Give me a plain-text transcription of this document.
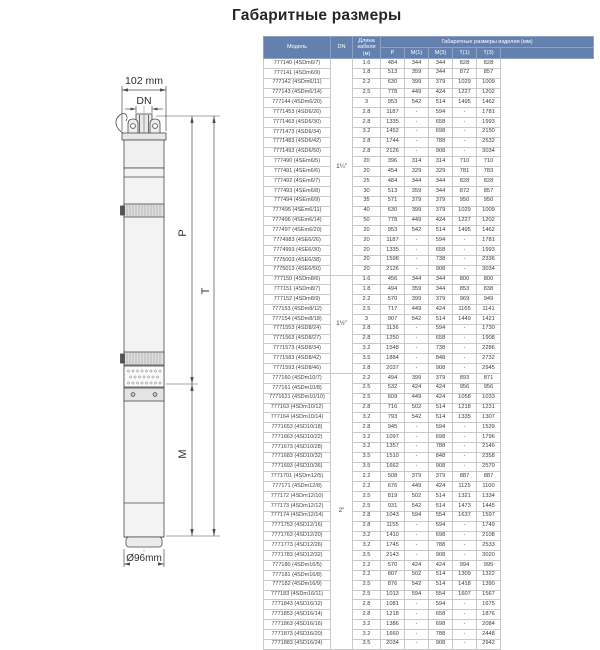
Габаритные размеры
102 mm
DN
P
T
M
Ø96mm
Модель	DN	Длина кабеля (м)	Габаритные размеры изделия (мм)					
			P	М(1)	М(3)	Т(1)	Т(3)	
777140 (4SDm6/7)	1¼"	1.6	484	344	344	828	828	
777141 (4SDm6/9)		1.8	513	359	344	872	857	
777142 (4SDm6/11)		2.2	630	399	379	1029	1009	
777143 (4SDm6/14)		2.5	778	449	424	1227	1202	
777144 (4SDm6/20)		3	953	542	514	1495	1462	
7771453 (4SD6/26)		2.8	1187	-	594	-	1781	
7771463 (4SD6/30)		2.8	1335	-	658	-	1993	
7771473 (4SD6/34)		3.2	1452	-	698	-	2150	
7771483 (4SD6/42)		2.8	1744	-	788	-	2532	
7771493 (4SD6/50)		2.8	2126	-	908	-	3034	
777490 (4SEm6/5)		20	396	314	314	710	710	
777491 (4SEm6/6)		20	454	329	329	781	783	
777492 (4SEm6/7)		25	484	344	344	828	828	
777493 (4SEm6/8)		30	513	359	344	872	857	
777494 (4SEm6/9)		35	571	379	379	950	950	
777495 (4SEm6/11)		40	630	399	379	1029	1009	
777496 (4SEm6/14)		50	778	449	424	1227	1202	
777497 (4SEm6/20)		20	953	542	514	1495	1462	
7774983 (4SE6/26)		20	1187	-	594	-	1781	
7774993 (4SE6/30)		20	1335	-	658	-	1993	
7775003 (4SE6/38)		20	1598	-	738	-	2336	
7775013 (4SE6/50)		20	2126	-	908	-	3034	
777150 (4SDm8/6)	1½"	1.6	456	344	344	800	800	
777151 (4SDm8/7)		1.8	494	359	344	853	838	
777152 (4SDm8/9)		2.2	570	399	379	969	949	
777153 (4SDm8/12)		2.5	717	449	424	1165	1141	
777154 (4SDm8/18)		3	907	542	514	1449	1421	
7771553 (4SD8/24)		2.8	1136	-	594	-	1730	
7771563 (4SD8/27)		2.8	1250	-	658	-	1908	
7771573 (4SD8/34)		3.2	1548	-	738	-	2286	
7771583 (4SD8/42)		3.5	1884	-	848	-	2732	
7771593 (4SD8/46)		2.8	2037	-	908	-	2945	
777160 (4SDm10/7)	2"	2.2	494	399	379	893	871	
777161 (4SDm10/8)		2.5	532	424	424	956	956	
7771621 (4SDm10/10)		2.5	609	449	424	1058	1033	
777163 (4SDm10/12)		2.8	716	502	514	1218	1231	
777164 (4SDm10/14)		3.2	793	542	514	1335	1307	
7771653 (4SD10/18)		2.8	945	-	594	-	1539	
7771663 (4SD10/22)		3.2	1097	-	698	-	1796	
7771673 (4SD10/28)		3.2	1357	-	788	-	2146	
7771683 (4SD10/32)		3.5	1510	-	848	-	2358	
7771693 (4SD10/36)		3.5	1662	-	908	-	2570	
7771701 (4SDm12/5)		2.2	508	379	379	887	887	
777171 (4SDm12/8)		2.2	676	449	424	1125	1100	
777172 (4SDm12/10)		2.5	819	502	514	1321	1334	
777173 (4SDm12/12)		2.5	931	542	514	1473	1445	
777174 (4SDm12/14)		2.8	1043	594	554	1637	1597	
7771753 (4SD12/16)		2.8	1155	-	594	-	1749	
7771763 (4SD12/20)		3.2	1410	-	698	-	2108	
7771773 (4SD12/26)		3.2	1745	-	788	-	2533	
7771783 (4SD12/32)		3.5	2143	-	908	-	3020	
777180 (4SDm16/5)		2.2	570	424	424	994	995	
777181 (4SDm16/8)		2.2	807	502	514	1309	1322	
777182 (4SDm16/9)		2.5	876	542	514	1418	1390	
777183 (4SDm16/11)		2.5	1013	594	554	1607	1567	
7771843 (4SD16/12)		2.8	1081	-	594	-	1675	
7771853 (4SD16/14)		2.8	1218	-	658	-	1876	
7771863 (4SD16/16)		3.2	1386	-	698	-	2084	
7771873 (4SD16/20)		3.2	1660	-	788	-	2448	
7771883 (4SD16/24)		3.5	2034	-	908	-	2942	
